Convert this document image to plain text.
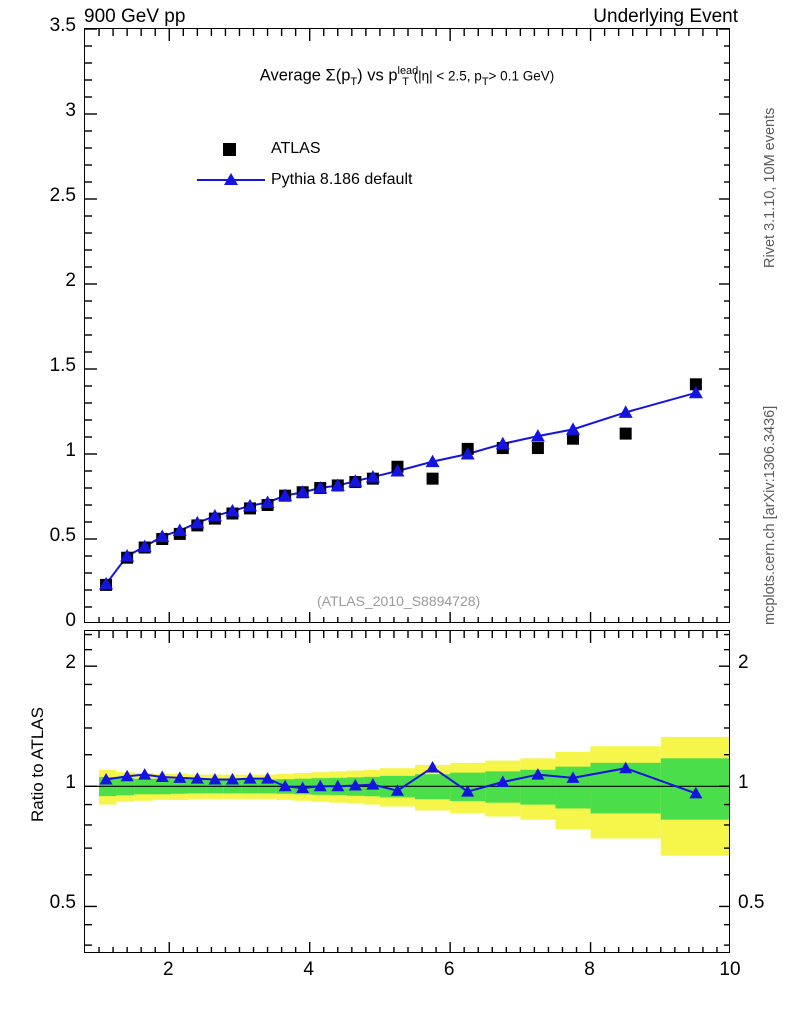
900 GeV pp	Underlying Event
Rivet 3.1.10, 10M events
mcplots.cern.ch [arXiv:1306.3436]
Average $\Sigma(p_T)$ vs $p^{lead}_T$ (|η| < 2.5, $p_T> 0.1$ GeV)
ATLAS
Pythia 8.186 default
(ATLAS_2010_S8894728)
3.5
3
2.5
2
1.5
1
0.5
0
Ratio to ATLAS
2
1
0.5
2
1
0.5
2	4	6	8	10
